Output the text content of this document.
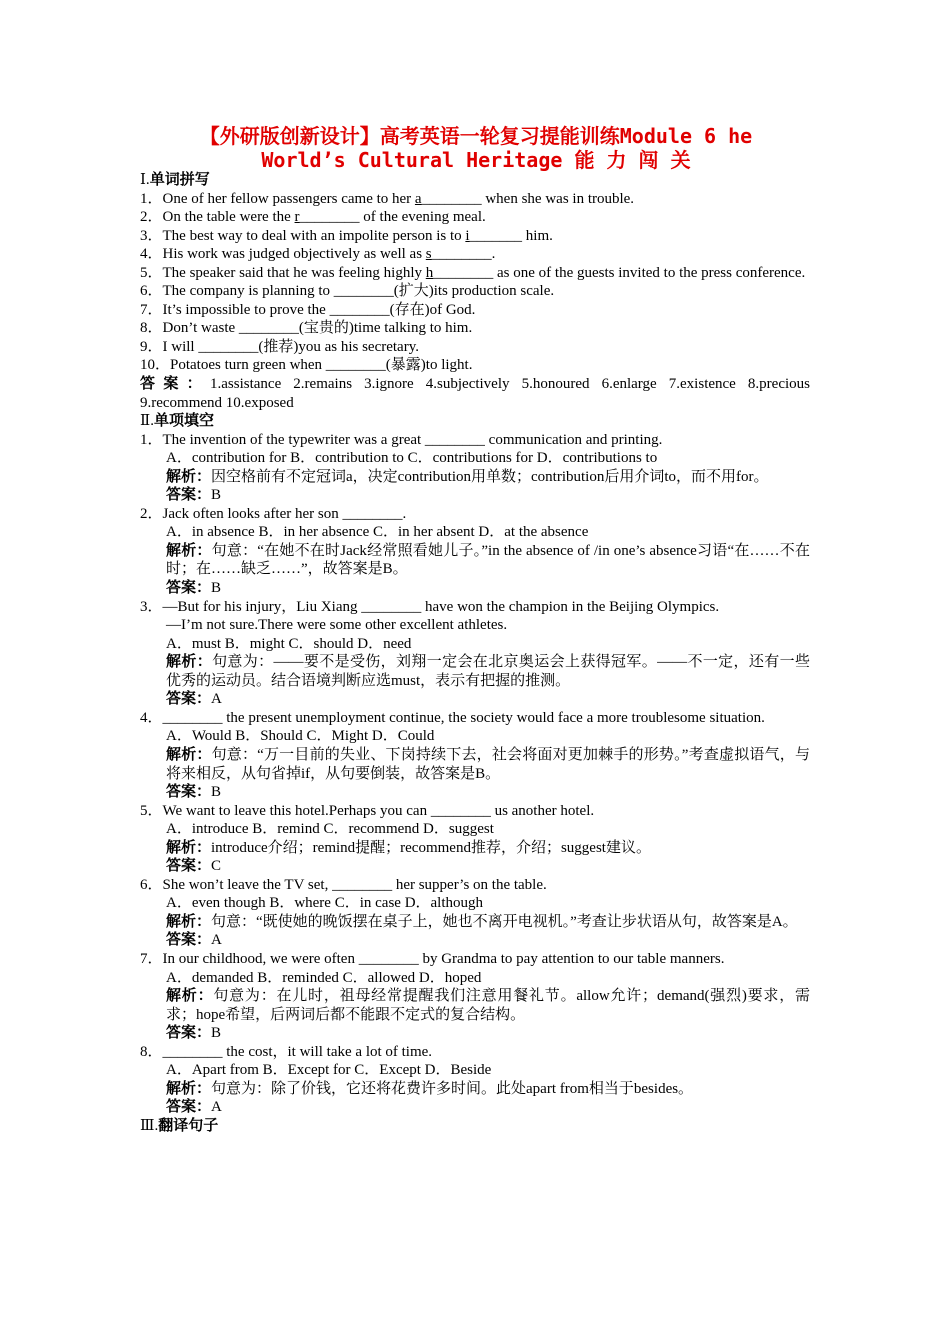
【外研版创新设计】高考英语一轮复习提能训练Module 6 he
World’s Cultural Heritage 能 力 闯 关
Ⅰ.单词拼写
1．One of her fellow passengers came to her a________ when she was in trouble.
2．On the table were the r________ of the evening meal.
3．The best way to deal with an impolite person is to i_______ him.
4．His work was judged objectively as well as s________.
5．The speaker said that he was feeling highly h________ as one of the guests invited to the press conference.
6．The company is planning to ________(扩大)its production scale.
7．It’s impossible to prove the ________(存在)of God.
8．Don’t waste ________(宝贵的)time talking to him.
9．I will ________(推荐)you as his secretary.
10．Potatoes turn green when ________(暴露)to light.
答案：1.assistance 2.remains 3.ignore 4.subjectively 5.honoured 6.enlarge 7.existence 8.precious 9.recommend 10.exposed
Ⅱ.单项填空
1．The invention of the typewriter was a great ________ communication and printing.
A．contribution for B．contribution to C．contributions for D．contributions to
解析：因空格前有不定冠词a，决定contribution用单数；contribution后用介词to，而不用for。
答案：B
2．Jack often looks after her son ________.
A．in absence B．in her absence C．in her absent D．at the absence
解析：句意：“在她不在时Jack经常照看她儿子。”in the absence of /in one’s absence习语“在……不在时；在……缺乏……”，故答案是B。
答案：B
3．—But for his injury，Liu Xiang ________ have won the champion in the Beijing Olympics.
—I’m not sure.There were some other excellent athletes.
A．must B．might C．should D．need
解析：句意为：——要不是受伤，刘翔一定会在北京奥运会上获得冠军。——不一定，还有一些优秀的运动员。结合语境判断应选must，表示有把握的推测。
答案：A
4．________ the present unemployment continue, the society would face a more troublesome situation.
A．Would B．Should C．Might D．Could
解析：句意：“万一目前的失业、下岗持续下去，社会将面对更加棘手的形势。”考查虚拟语气，与将来相反，从句省掉if，从句要倒装，故答案是B。
答案：B
5．We want to leave this hotel.Perhaps you can ________ us another hotel.
A．introduce B．remind C．recommend D．suggest
解析：introduce介绍；remind提醒；recommend推荐，介绍；suggest建议。
答案：C
6．She won’t leave the TV set, ________ her supper’s on the table.
A．even though B．where C．in case D．although
解析：句意：“既使她的晚饭摆在桌子上，她也不离开电视机。”考查让步状语从句，故答案是A。
答案：A
7．In our childhood, we were often ________ by Grandma to pay attention to our table manners.
A．demanded B．reminded C．allowed D．hoped
解析：句意为：在儿时，祖母经常提醒我们注意用餐礼节。allow允许；demand(强烈)要求，需求；hope希望，后两词后都不能跟不定式的复合结构。
答案：B
8．________ the cost，it will take a lot of time.
A．Apart from B．Except for C．Except D．Beside
解析：句意为：除了价钱，它还将花费许多时间。此处apart from相当于besides。
答案：A
Ⅲ.翻译句子
